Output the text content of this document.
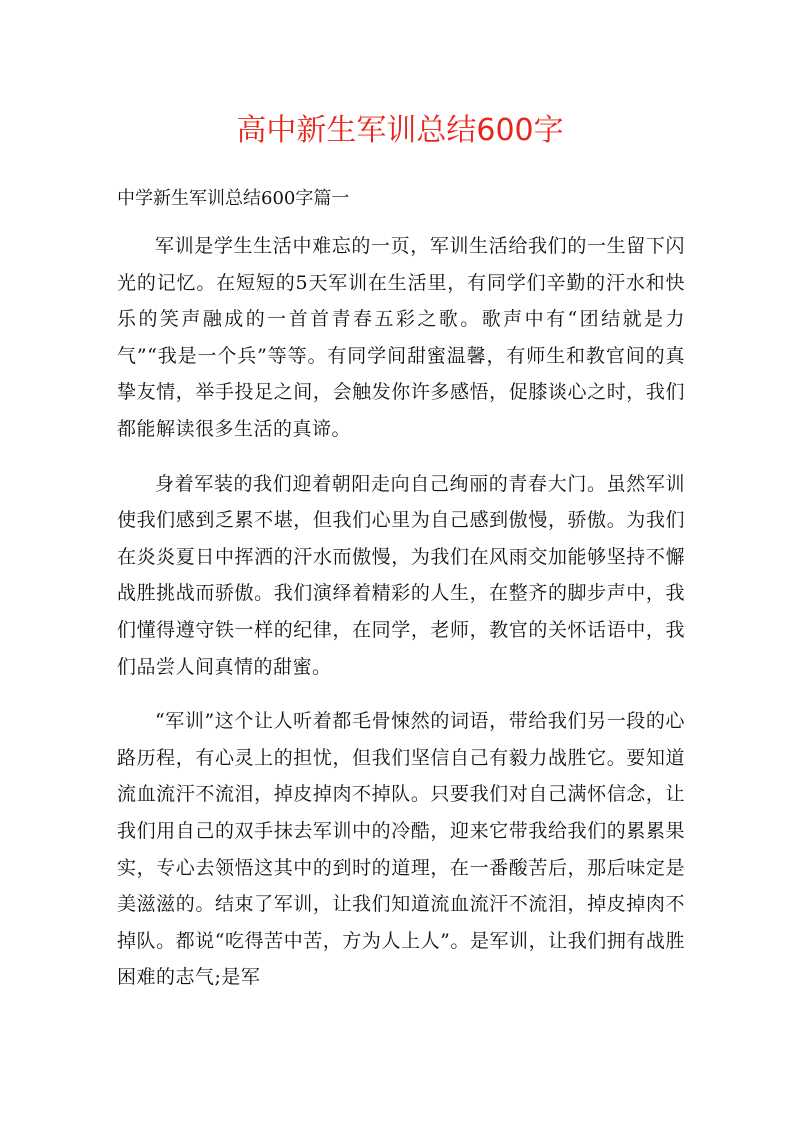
高中新生军训总结600字

中学新生军训总结600字篇一

军训是学生生活中难忘的一页，军训生活给我们的一生留下闪光的记忆。在短短的5天军训在生活里，有同学们辛勤的汗水和快乐的笑声融成的一首首青春五彩之歌。歌声中有“团结就是力气”“我是一个兵”等等。有同学间甜蜜温馨，有师生和教官间的真挚友情，举手投足之间，会触发你许多感悟，促膝谈心之时，我们都能解读很多生活的真谛。

身着军装的我们迎着朝阳走向自己绚丽的青春大门。虽然军训使我们感到乏累不堪，但我们心里为自己感到傲慢，骄傲。为我们在炎炎夏日中挥洒的汗水而傲慢，为我们在风雨交加能够坚持不懈战胜挑战而骄傲。我们演绎着精彩的人生，在整齐的脚步声中，我们懂得遵守铁一样的纪律，在同学，老师，教官的关怀话语中，我们品尝人间真情的甜蜜。

“军训”这个让人听着都毛骨悚然的词语，带给我们另一段的心路历程，有心灵上的担忧，但我们坚信自己有毅力战胜它。要知道流血流汗不流泪，掉皮掉肉不掉队。只要我们对自己满怀信念，让我们用自己的双手抹去军训中的冷酷，迎来它带我给我们的累累果实，专心去领悟这其中的到时的道理，在一番酸苦后，那后味定是美滋滋的。结束了军训，让我们知道流血流汗不流泪，掉皮掉肉不掉队。都说“吃得苦中苦，方为人上人”。是军训，让我们拥有战胜困难的志气;是军
